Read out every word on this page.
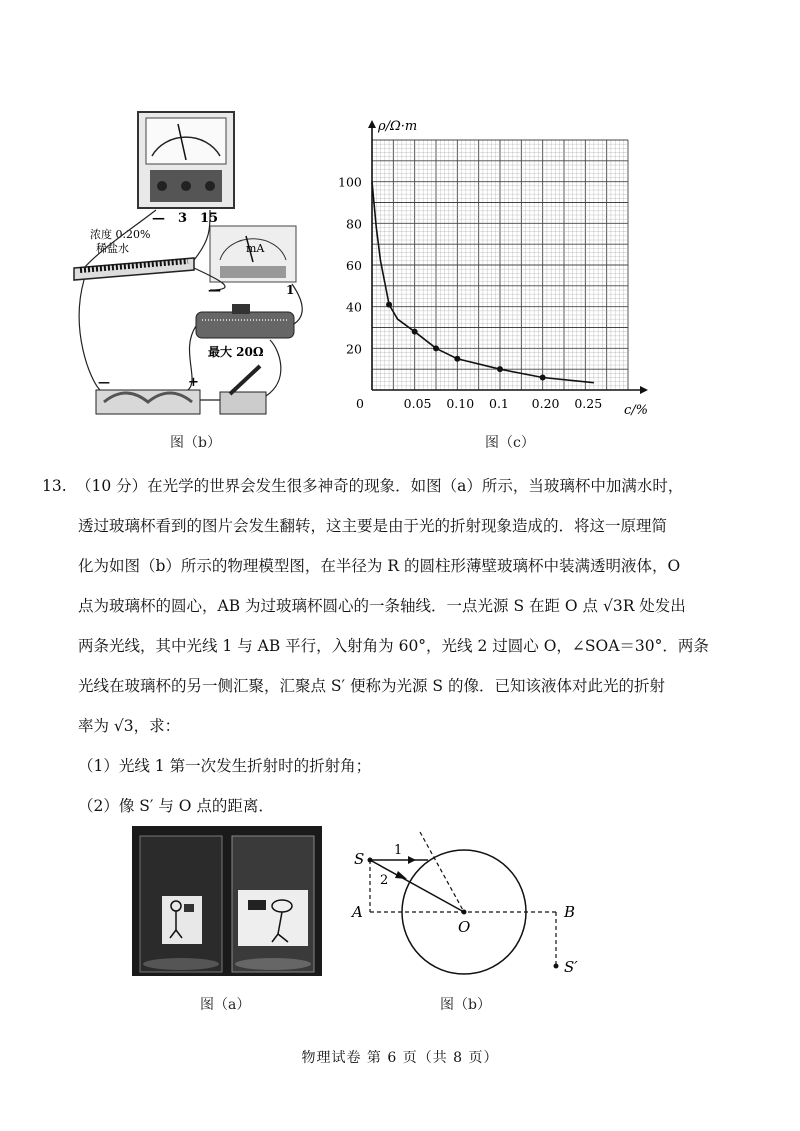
— 3 15
浓度 0.20%
稀盐水	mA
—	1
最大 20Ω
—	+
图（b）
ρ/Ω·m
c/%
0	0.05 0.10 0.1 0.20 0.25
20
40
60
80
100
图（c）
13. （10 分）在光学的世界会发生很多神奇的现象．如图（a）所示，当玻璃杯中加满水时，
透过玻璃杯看到的图片会发生翻转，这主要是由于光的折射现象造成的．将这一原理简
化为如图（b）所示的物理模型图，在半径为 R 的圆柱形薄壁玻璃杯中装满透明液体，O
点为玻璃杯的圆心，AB 为过玻璃杯圆心的一条轴线．一点光源 S 在距 O 点 √3R 处发出
两条光线，其中光线 1 与 AB 平行，入射角为 60°，光线 2 过圆心 O，∠SOA＝30°．两条
光线在玻璃杯的另一侧汇聚，汇聚点 S′ 便称为光源 S 的像．已知该液体对此光的折射
率为 √3，求：
（1）光线 1 第一次发生折射时的折射角；
（2）像 S′ 与 O 点的距离．
图（a）
S 1
2
A
O
B
S′
图（b）
物理试卷 第 6 页（共 8 页）
